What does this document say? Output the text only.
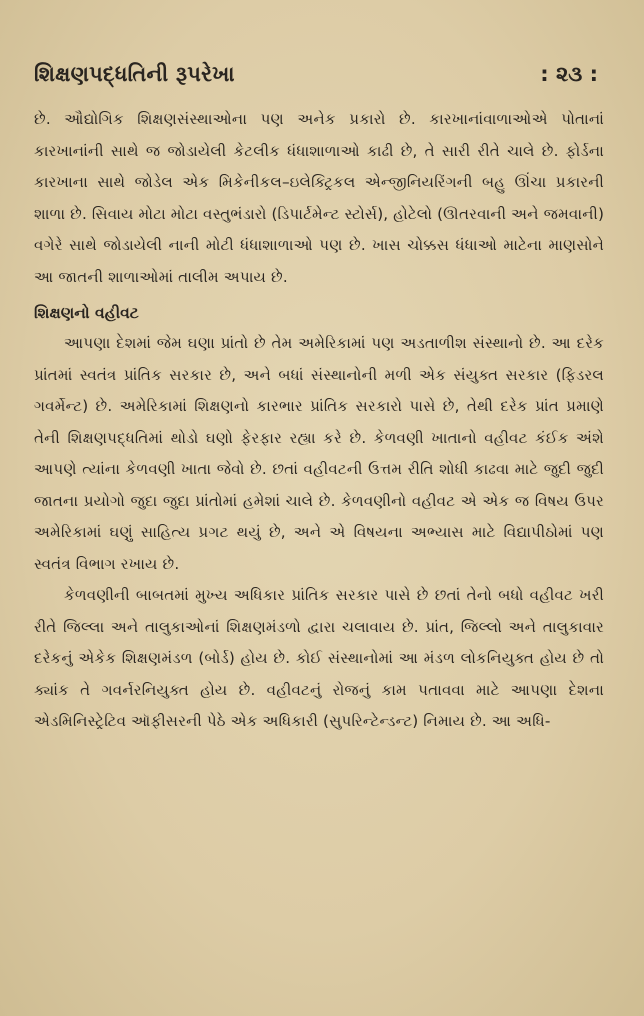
શિક્ષણપદ્ધતિની રૂપરેખા	: ૨૩ :

છે. ઔદ્યોગિક શિક્ષણસંસ્થાઓના પણ અનેક પ્રકારો છે. કારખાનાંવાળાઓએ પોતાનાં કારખાનાંની સાથે જ જોડાયેલી કેટલીક ધંધાશાળાઓ કાઢી છે, તે સારી રીતે ચાલે છે. ફોર્ડના કારખાના સાથે જોડેલ એક મિકેનીકલ–ઇલેક્ટ્રિકલ એન્જીનિયરિંગની બહુ ઊંચા પ્રકારની શાળા છે. સિવાય મોટા મોટા વસ્તુભંડારો (ડિપાર્ટમેન્ટ સ્ટોર્સ), હોટેલો (ઊતરવાની અને જમવાની) વગેરે સાથે જોડાયેલી નાની મોટી ધંધાશાળાઓ પણ છે. ખાસ ચોક્કસ ધંધાઓ માટેના માણસોને આ જાતની શાળાઓમાં તાલીમ અપાય છે.

શિક્ષણનો વહીવટ

આપણા દેશમાં જેમ ઘણા પ્રાંતો છે તેમ અમેરિકામાં પણ અડતાળીશ સંસ્થાનો છે. આ દરેક પ્રાંતમાં સ્વતંત્ર પ્રાંતિક સરકાર છે, અને બધાં સંસ્થાનોની મળી એક સંયુક્ત સરકાર (ફિડરલ ગવર્મેન્ટ) છે. અમેરિકામાં શિક્ષણનો કારભાર પ્રાંતિક સરકારો પાસે છે, તેથી દરેક પ્રાંત પ્રમાણે તેની શિક્ષણપદ્ધતિમાં થોડો ઘણો ફેરફાર રહ્યા કરે છે. કેળવણી ખાતાનો વહીવટ કંઈક અંશે આપણે ત્યાંના કેળવણી ખાતા જેવો છે. છતાં વહીવટની ઉત્તમ રીતિ શોધી કાઢવા માટે જુદી જુદી જાતના પ્રયોગો જુદા જુદા પ્રાંતોમાં હમેશાં ચાલે છે. કેળવણીનો વહીવટ એ એક જ વિષય ઉપર અમેરિકામાં ઘણું સાહિત્ય પ્રગટ થયું છે, અને એ વિષયના અભ્યાસ માટે વિદ્યાપીઠોમાં પણ સ્વતંત્ર વિભાગ રખાય છે.

કેળવણીની બાબતમાં મુખ્ય અધિકાર પ્રાંતિક સરકાર પાસે છે છતાં તેનો બધો વહીવટ ખરી રીતે જિલ્લા અને તાલુકાઓનાં શિક્ષણમંડળો દ્વારા ચલાવાય છે. પ્રાંત, જિલ્લો અને તાલુકાવાર દરેકનું એકેક શિક્ષણમંડળ (બોર્ડ) હોય છે. કોઈ સંસ્થાનોમાં આ મંડળ લોકનિયુક્ત હોય છે તો ક્યાંક તે ગવર્નરનિયુક્ત હોય છે. વહીવટનું રોજનું કામ પતાવવા માટે આપણા દેશના એડમિનિસ્ટ્રેટિવ ઑફીસરની પેઠે એક અધિકારી (સુપરિન્ટેન્ડન્ટ) નિમાય છે. આ અધિ-
